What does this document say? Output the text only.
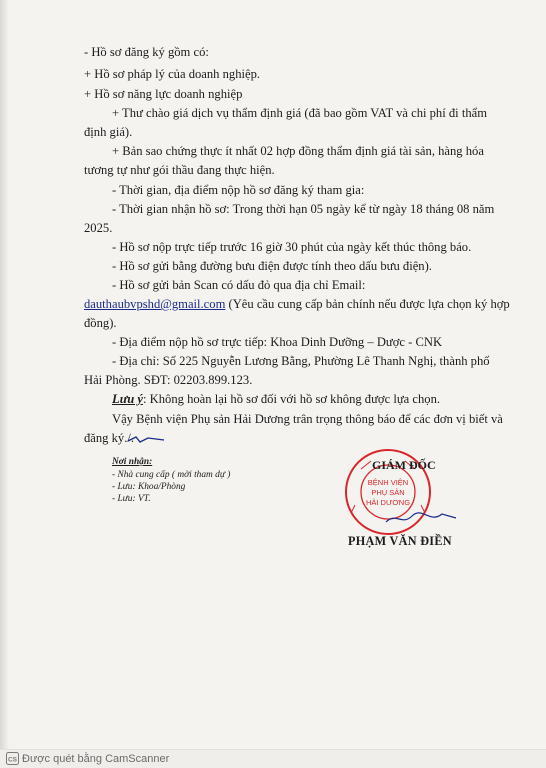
- Hồ sơ đăng ký gồm có:
+ Hồ sơ pháp lý của doanh nghiệp.
+ Hồ sơ năng lực doanh nghiệp
+ Thư chào giá dịch vụ thẩm định giá (đã bao gồm VAT và chi phí đi thẩm
định giá).
+ Bản sao chứng thực ít nhất 02 hợp đồng thẩm định giá tài sản, hàng hóa
tương tự như gói thầu đang thực hiện.
- Thời gian, địa điểm nộp hồ sơ đăng ký tham gia:
- Thời gian nhận hồ sơ: Trong thời hạn 05 ngày kể từ ngày 18 tháng 08 năm
2025.
- Hồ sơ nộp trực tiếp trước 16 giờ 30 phút của ngày kết thúc thông báo.
- Hồ sơ gửi bằng đường bưu điện được tính theo dấu bưu điện).
- Hồ sơ gửi bản Scan có dấu đỏ qua địa chỉ Email:
dauthaubvpshd@gmail.com (Yêu cầu cung cấp bản chính nếu được lựa chọn ký hợp
đồng).
- Địa điểm nộp hồ sơ trực tiếp: Khoa Dinh Dưỡng – Dược - CNK
- Địa chỉ: Số 225 Nguyễn Lương Bằng, Phường Lê Thanh Nghị, thành phố
Hải Phòng. SĐT: 02203.899.123.
Lưu ý: Không hoàn lại hồ sơ đối với hồ sơ không được lựa chọn.
Vậy Bệnh viện Phụ sản Hải Dương trân trọng thông báo để các đơn vị biết và
đăng ký./.
Nơi nhận:
- Nhà cung cấp ( mời tham dự )
- Lưu: Khoa/Phòng
- Lưu: VT.
BỆNH VIỆN
PHỤ SẢN
HẢI DƯƠNG
GIÁM ĐỐC
PHẠM VĂN ĐIỀN
CS Được quét bằng CamScanner
